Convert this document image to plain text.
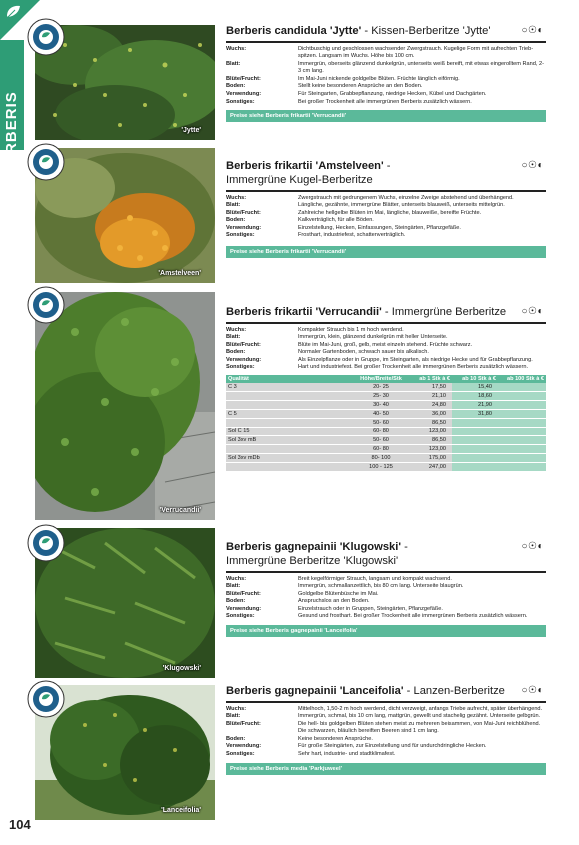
BERBERIS
104
'Jytte'
Berberis candidula 'Jytte' - Kissen-Berberitze 'Jytte'	○☉◐
Wuchs:	Dichtbuschig und geschlossen wachsender Zwergstrauch. Kugelige Form mit aufrechten Triebspitzen. Langsam im Wuchs. Höhe bis 100 cm.
Blatt:	Immergrün, oberseits glänzend dunkelgrün, unterseits weiß bereift, mit etwas eingerolltem Rand, 2-3 cm lang.
Blüte/Frucht:	Im Mai-Juni nickende goldgelbe Blüten. Früchte länglich eiförmig.
Boden:	Stellt keine besonderen Ansprüche an den Boden.
Verwendung:	Für Steingarten, Grabbepflanzung, niedrige Hecken, Kübel und Dachgärten.
Sonstiges:	Bei großer Trockenheit alle immergrünen Berberis zusätzlich wässern.
Preise siehe Berberis frikartii 'Verrucandii'
'Amstelveen'
Berberis frikartii 'Amstelveen' -
Immergrüne Kugel-Berberitze
○☉◐
Wuchs:	Zwergstrauch mit gedrungenem Wuchs, einzelne Zweige abstehend und überhängend.
Blatt:	Längliche, gezähnte, immergrüne Blätter, unterseits blauweiß, unterseits mittelgrün.
Blüte/Frucht:	Zahlreiche hellgelbe Blüten im Mai, längliche, blauweiße, bereifte Früchte.
Boden:	Kalkverträglich, für alle Böden.
Verwendung:	Einzelstellung, Hecken, Einfassungen, Steingärten, Pflanzgefäße.
Sonstiges:	Frosthart, industriefest, schattenverträglich.
Preise siehe Berberis frikartii 'Verrucandii'
'Verrucandii'
Berberis frikartii 'Verrucandii' - Immergrüne Berberitze	○☉◐
Wuchs:	Kompakter Strauch bis 1 m hoch werdend.
Blatt:	Immergrün, klein, glänzend dunkelgrün mit heller Unterseite.
Blüte/Frucht:	Blüte im Mai-Juni, groß, gelb, meist einzeln stehend. Früchte schwarz.
Boden:	Normaler Gartenboden, schwach sauer bis alkalisch.
Verwendung:	Als Einzelpflanze oder in Gruppe, im Steingarten, als niedrige Hecke und für Grabbepflanzung.
Sonstiges:	Hart und industriefest. Bei großer Trockenheit alle immergrünen Berberis zusätzlich wässern.
Qualität	Höhe/Breite/Stk	ab 1 Stk à €	ab 10 Stk à €	ab 100 Stk à €
C 3	20- 25	17,50	15,40	
	25- 30	21,10	18,60	
	30- 40	24,80	21,90	
C 5	40- 50	36,00	31,80	
	50- 60	86,50		
Sol C 15	60- 80	123,00		
Sol 3xv mB	50- 60	86,50		
	60- 80	123,00		
Sol 3xv mDb	80- 100	175,00		
	100 - 125	247,00		
'Klugowski'
Berberis gagnepainii 'Klugowski' -
Immergrüne Berberitze 'Klugowski'
○☉◐
Wuchs:	Breit kegelförmiger Strauch, langsam und kompakt wachsend.
Blatt:	Immergrün, schmallanzettlich, bis 80 cm lang. Unterseite blaugrün.
Blüte/Frucht:	Goldgelbe Blütenbüsche im Mai.
Boden:	Anspruchslos an den Boden.
Verwendung:	Einzelstrauch oder in Gruppen, Steingärten, Pflanzgefäße.
Sonstiges:	Gesund und frosthart. Bei großer Trockenheit alle immergrünen Berberis zusätzlich wässern.
Preise siehe Berberis gagnepainii 'Lanceifolia'
'Lanceifolia'
Berberis gagnepainii 'Lanceifolia' - Lanzen-Berberitze	○☉◐
Wuchs:	Mittelhoch, 1,50-2 m hoch werdend, dicht verzweigt, anfangs Triebe aufrecht, später überhängend.
Blatt:	Immergrün, schmal, bis 10 cm lang, mattgrün, gewellt und stachelig gezähnt. Unterseite gelbgrün.
Blüte/Frucht:	Die hell- bis goldgelben Blüten stehen meist zu mehreren beisammen, von Mai-Juni reichblühend. Die schwarzen, bläulich bereiften Beeren sind 1 cm lang.
Boden:	Keine besonderen Ansprüche.
Verwendung:	Für große Steingärten, zur Einzelstellung und für undurchdringliche Hecken.
Sonstiges:	Sehr hart, industrie- und stadtklimafest.
Preise siehe Berberis media 'Parkjuweel'
